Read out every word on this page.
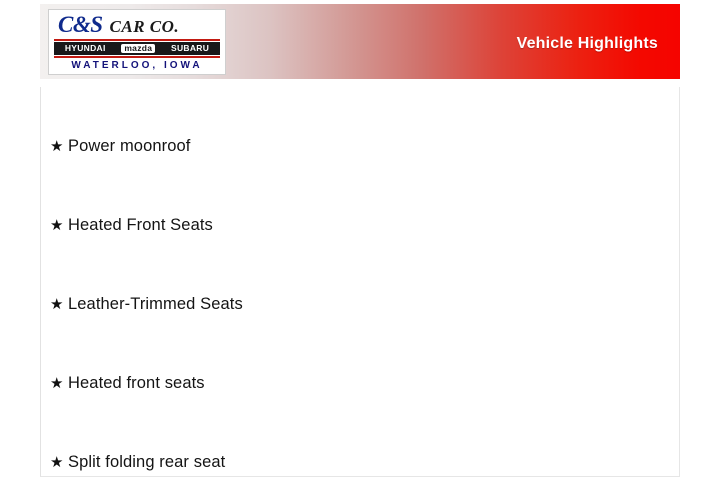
C&S CAR CO.
HYUNDAI	mazda	SUBARU
WATERLOO, IOWA
Vehicle Highlights
★ Power moonroof
★ Heated Front Seats
★ Leather-Trimmed Seats
★ Heated front seats
★ Split folding rear seat
